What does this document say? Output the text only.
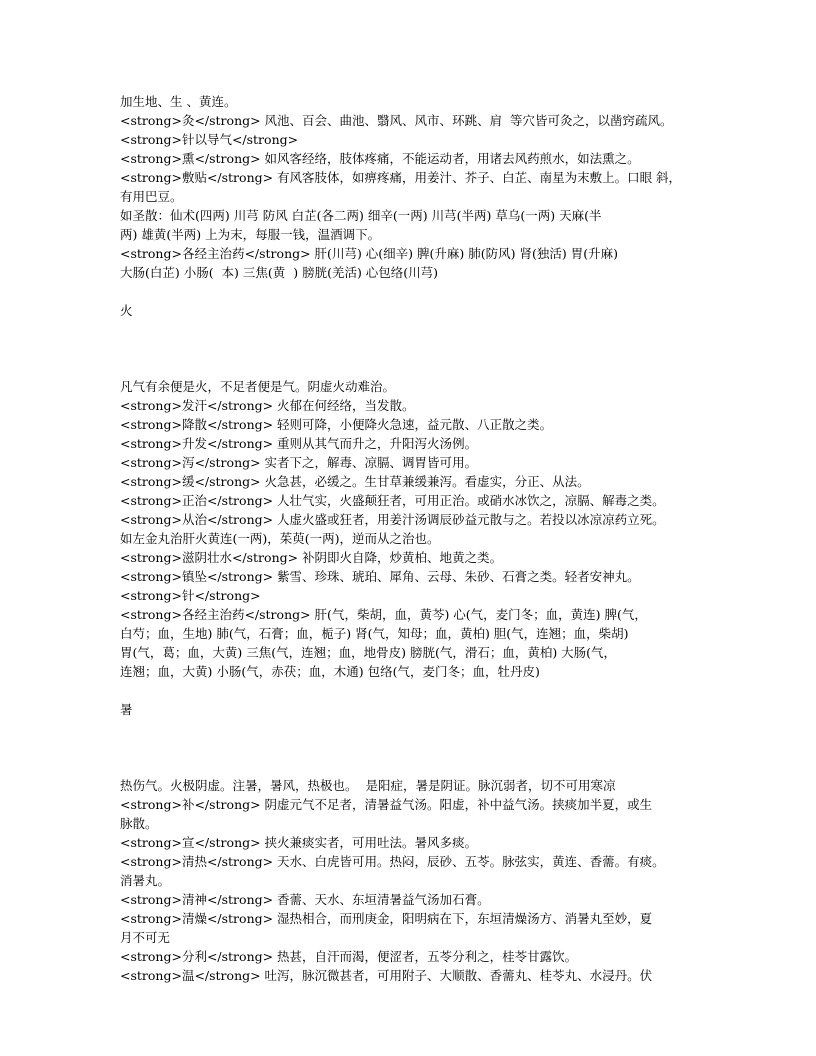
加生地、生 、黄连。
<strong>灸</strong> 风池、百会、曲池、翳风、风市、环跳、肩  等穴皆可灸之，以凿窍疏风。
<strong>针以导气</strong>
<strong>熏</strong> 如风客经络，肢体疼痛，不能运动者，用诸去风药煎水，如法熏之。
<strong>敷贴</strong> 有风客肢体，如痹疼痛，用姜汁、芥子、白芷、南星为末敷上。口眼 斜，
有用巴豆。
如圣散：仙术(四两) 川芎 防风 白芷(各二两) 细辛(一两) 川芎(半两) 草乌(一两) 天麻(半
两) 雄黄(半两) 上为末，每服一钱，温酒调下。
<strong>各经主治药</strong> 肝(川芎) 心(细辛) 脾(升麻) 肺(防风) 肾(独活) 胃(升麻)
大肠(白芷) 小肠(  本) 三焦(黄  ) 膀胱(羌活) 心包络(川芎)
火
凡气有余便是火，不足者便是气。阴虚火动难治。
<strong>发汗</strong> 火郁在何经络，当发散。
<strong>降散</strong> 轻则可降，小便降火急速，益元散、八正散之类。
<strong>升发</strong> 重则从其气而升之，升阳泻火汤例。
<strong>泻</strong> 实者下之，解毒、凉膈、调胃皆可用。
<strong>缓</strong> 火急甚，必缓之。生甘草兼缓兼泻。看虚实，分正、从法。
<strong>正治</strong> 人壮气实，火盛颠狂者，可用正治。或硝水冰饮之，凉膈、解毒之类。
<strong>从治</strong> 人虚火盛或狂者，用姜汁汤调辰砂益元散与之。若投以冰凉凉药立死。
如左金丸治肝火黄连(一两)，茱萸(一两)，逆而从之治也。
<strong>滋阴壮水</strong> 补阴即火自降，炒黄柏、地黄之类。
<strong>镇坠</strong> 紫雪、珍珠、琥珀、犀角、云母、朱砂、石膏之类。轻者安神丸。
<strong>针</strong>
<strong>各经主治药</strong> 肝(气，柴胡，血，黄芩) 心(气，麦门冬；血，黄连) 脾(气，
白芍；血，生地) 肺(气，石膏；血，栀子) 肾(气，知母；血，黄柏) 胆(气，连翘；血，柴胡)
胃(气，葛；血，大黄) 三焦(气，连翘；血，地骨皮) 膀胱(气，滑石；血，黄柏) 大肠(气，
连翘；血，大黄) 小肠(气，赤茯；血，木通) 包络(气，麦门冬；血，牡丹皮)
暑
热伤气。火极阴虚。注暑，暑风，热极也。  是阳症，暑是阴证。脉沉弱者，切不可用寒凉
<strong>补</strong> 阴虚元气不足者，清暑益气汤。阳虚，补中益气汤。挟痰加半夏，或生
脉散。
<strong>宣</strong> 挟火兼痰实者，可用吐法。暑风多痰。
<strong>清热</strong> 天水、白虎皆可用。热闷，辰砂、五苓。脉弦实，黄连、香薷。有痰。
消暑丸。
<strong>清神</strong> 香薷、天水、东垣清暑益气汤加石膏。
<strong>清燥</strong> 湿热相合，而刑庚金，阳明病在下，东垣清燥汤方、消暑丸至妙，夏
月不可无
<strong>分利</strong> 热甚，自汗而渴，便涩者，五苓分利之，桂苓甘露饮。
<strong>温</strong> 吐泻，脉沉微甚者，可用附子、大顺散、香薷丸、桂苓丸、水浸丹。伏
